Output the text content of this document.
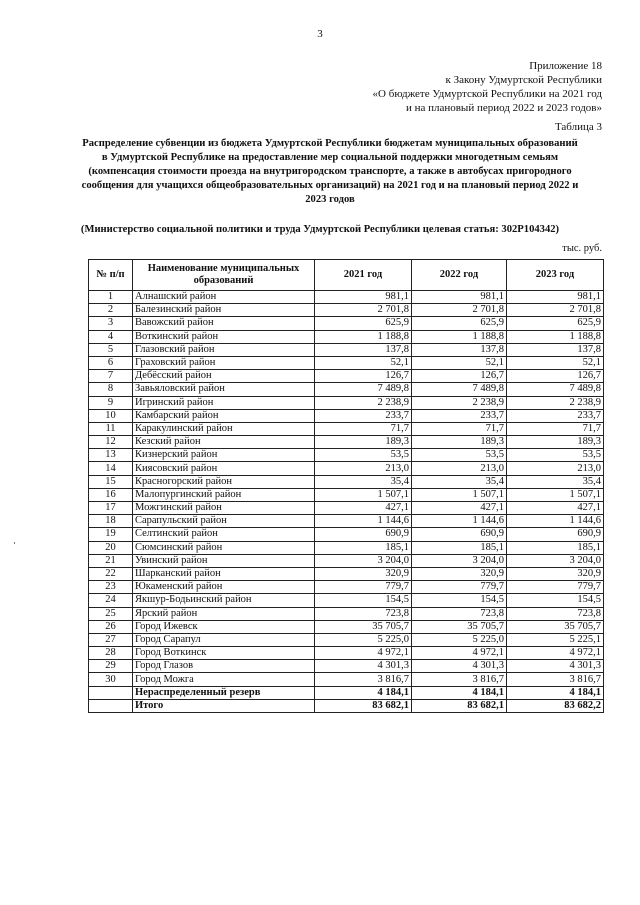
3
Приложение 18
к Закону Удмуртской Республики
«О бюджете Удмуртской Республики на 2021 год
и на плановый период 2022 и 2023 годов»
Таблица 3
Распределение субвенции из бюджета Удмуртской Республики бюджетам муниципальных образований в Удмуртской Республике на предоставление мер социальной поддержки многодетным семьям (компенсация стоимости проезда на внутригородском транспорте, а также в автобусах пригородного сообщения для учащихся общеобразовательных организаций) на 2021 год и на плановый период 2022 и 2023 годов
(Министерство социальной политики и труда Удмуртской Республики целевая статья: 302Р104342)
тыс. руб.
№ п/п	Наименование муниципальных образований	2021 год	2022 год	2023 год
1	Алнашский район	981,1	981,1	981,1
2	Балезинский район	2 701,8	2 701,8	2 701,8
3	Вавожский район	625,9	625,9	625,9
4	Воткинский район	1 188,8	1 188,8	1 188,8
5	Глазовский район	137,8	137,8	137,8
6	Граховский район	52,1	52,1	52,1
7	Дебёсский район	126,7	126,7	126,7
8	Завьяловский район	7 489,8	7 489,8	7 489,8
9	Игринский район	2 238,9	2 238,9	2 238,9
10	Камбарский район	233,7	233,7	233,7
11	Каракулинский район	71,7	71,7	71,7
12	Кезский район	189,3	189,3	189,3
13	Кизнерский район	53,5	53,5	53,5
14	Киясовский район	213,0	213,0	213,0
15	Красногорский район	35,4	35,4	35,4
16	Малопургинский район	1 507,1	1 507,1	1 507,1
17	Можгинский район	427,1	427,1	427,1
18	Сарапульский район	1 144,6	1 144,6	1 144,6
19	Селтинский район	690,9	690,9	690,9
20	Сюмсинский район	185,1	185,1	185,1
21	Увинский район	3 204,0	3 204,0	3 204,0
22	Шарканский район	320,9	320,9	320,9
23	Юкаменский район	779,7	779,7	779,7
24	Якшур-Бодьинский район	154,5	154,5	154,5
25	Ярский район	723,8	723,8	723,8
26	Город Ижевск	35 705,7	35 705,7	35 705,7
27	Город Сарапул	5 225,0	5 225,0	5 225,1
28	Город Воткинск	4 972,1	4 972,1	4 972,1
29	Город Глазов	4 301,3	4 301,3	4 301,3
30	Город Можга	3 816,7	3 816,7	3 816,7
	Нераспределенный резерв	4 184,1	4 184,1	4 184,1
	Итого	83 682,1	83 682,1	83 682,2
